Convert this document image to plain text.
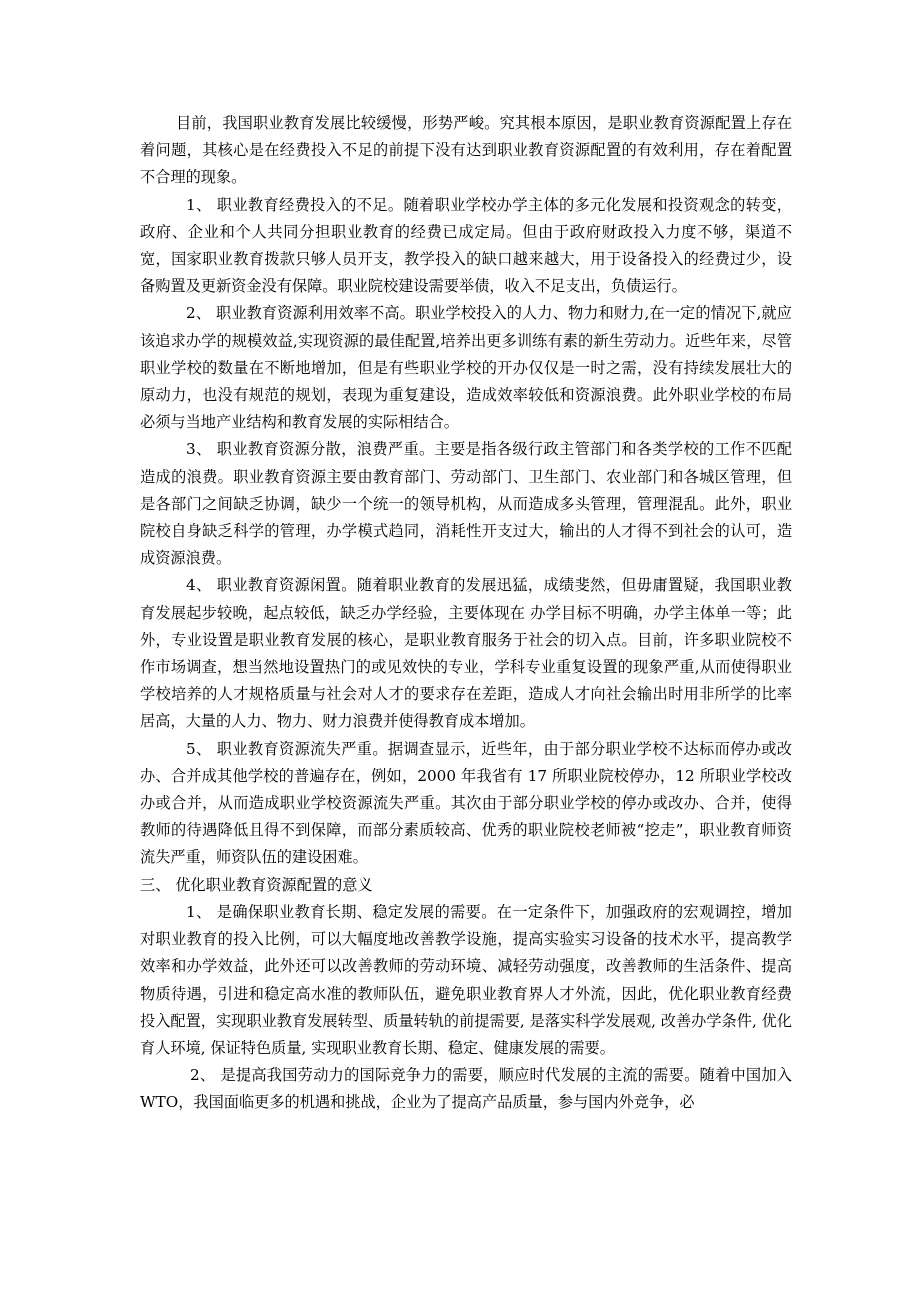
目前，我国职业教育发展比较缓慢，形势严峻。究其根本原因，是职业教育资源配置上存在着问题，其核心是在经费投入不足的前提下没有达到职业教育资源配置的有效利用，存在着配置不合理的现象。

1、 职业教育经费投入的不足。随着职业学校办学主体的多元化发展和投资观念的转变，政府、企业和个人共同分担职业教育的经费已成定局。但由于政府财政投入力度不够，渠道不宽，国家职业教育拨款只够人员开支，教学投入的缺口越来越大，用于设备投入的经费过少，设备购置及更新资金没有保障。职业院校建设需要举债，收入不足支出，负债运行。

2、 职业教育资源利用效率不高。职业学校投入的人力、物力和财力,在一定的情况下,就应该追求办学的规模效益,实现资源的最佳配置,培养出更多训练有素的新生劳动力。近些年来，尽管职业学校的数量在不断地增加，但是有些职业学校的开办仅仅是一时之需，没有持续发展壮大的原动力，也没有规范的规划，表现为重复建设，造成效率较低和资源浪费。此外职业学校的布局必须与当地产业结构和教育发展的实际相结合。

3、 职业教育资源分散，浪费严重。主要是指各级行政主管部门和各类学校的工作不匹配造成的浪费。职业教育资源主要由教育部门、劳动部门、卫生部门、农业部门和各城区管理，但是各部门之间缺乏协调，缺少一个统一的领导机构，从而造成多头管理，管理混乱。此外，职业院校自身缺乏科学的管理，办学模式趋同，消耗性开支过大，输出的人才得不到社会的认可，造成资源浪费。

4、 职业教育资源闲置。随着职业教育的发展迅猛，成绩斐然，但毋庸置疑，我国职业教育发展起步较晚，起点较低，缺乏办学经验，主要体现在 办学目标不明确，办学主体单一等；此外，专业设置是职业教育发展的核心，是职业教育服务于社会的切入点。目前，许多职业院校不作市场调查，想当然地设置热门的或见效快的专业，学科专业重复设置的现象严重,从而使得职业学校培养的人才规格质量与社会对人才的要求存在差距，造成人才向社会输出时用非所学的比率居高，大量的人力、物力、财力浪费并使得教育成本增加。

5、 职业教育资源流失严重。据调查显示，近些年，由于部分职业学校不达标而停办或改办、合并成其他学校的普遍存在，例如，2000 年我省有 17 所职业院校停办，12 所职业学校改办或合并，从而造成职业学校资源流失严重。其次由于部分职业学校的停办或改办、合并，使得教师的待遇降低且得不到保障，而部分素质较高、优秀的职业院校老师被“挖走”，职业教育师资流失严重，师资队伍的建设困难。

三、 优化职业教育资源配置的意义

1、 是确保职业教育长期、稳定发展的需要。在一定条件下，加强政府的宏观调控，增加对职业教育的投入比例，可以大幅度地改善教学设施，提高实验实习设备的技术水平，提高教学效率和办学效益，此外还可以改善教师的劳动环境、减轻劳动强度，改善教师的生活条件、提高物质待遇，引进和稳定高水准的教师队伍，避免职业教育界人才外流，因此，优化职业教育经费投入配置，实现职业教育发展转型、质量转轨的前提需要, 是落实科学发展观, 改善办学条件, 优化育人环境, 保证特色质量, 实现职业教育长期、稳定、健康发展的需要。

2、 是提高我国劳动力的国际竞争力的需要，顺应时代发展的主流的需要。随着中国加入 WTO，我国面临更多的机遇和挑战，企业为了提高产品质量，参与国内外竞争，必
